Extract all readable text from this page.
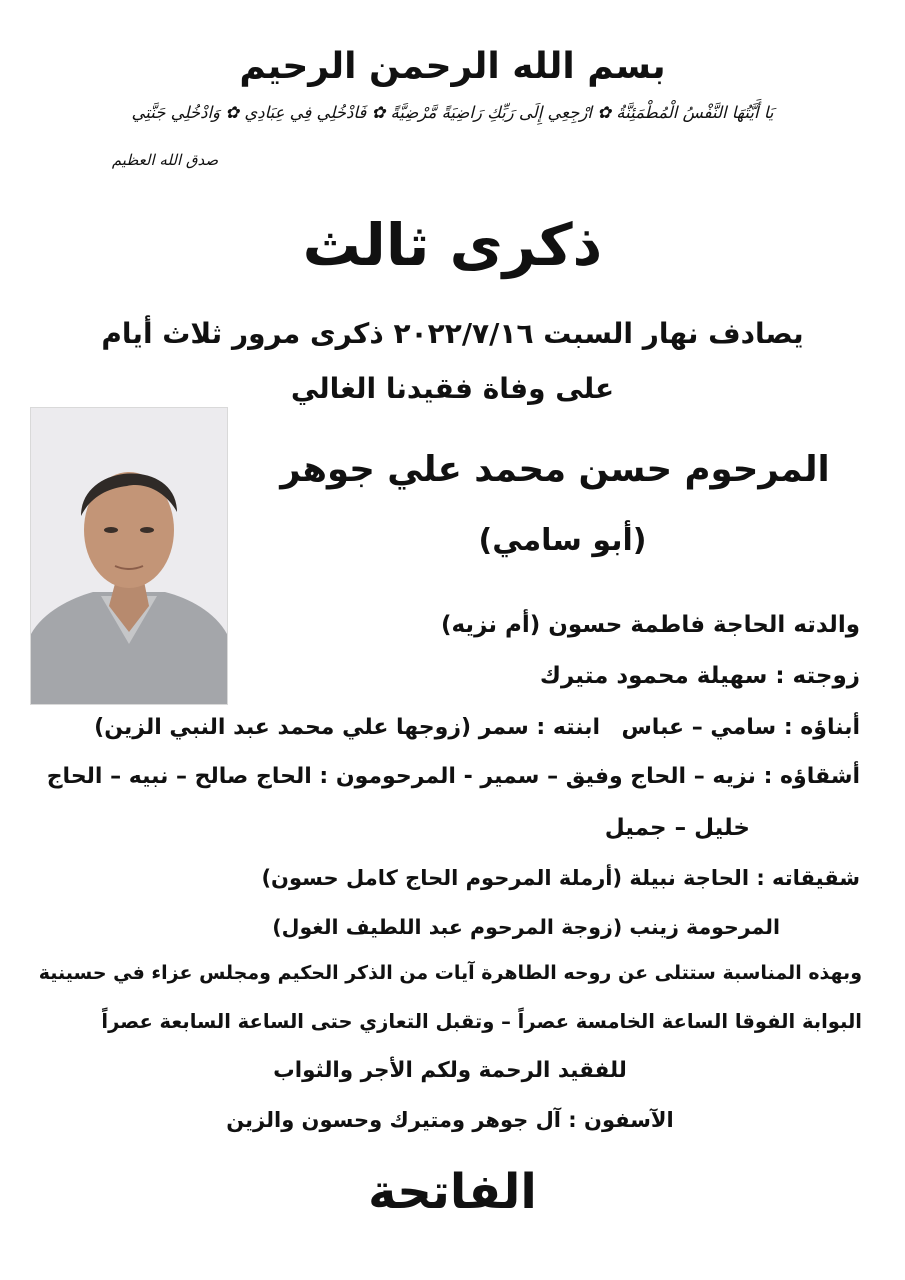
بسم الله الرحمن الرحيم
يَا أَيَّتُهَا النَّفْسُ الْمُطْمَئِنَّةُ ✿ ارْجِعِي إِلَى رَبِّكِ رَاضِيَةً مَّرْضِيَّةً ✿ فَادْخُلِي فِي عِبَادِي ✿ وَادْخُلِي جَنَّتِي
صدق الله العظيم
ذكرى ثالث
يصادف نهار السبت ٢٠٢٢/٧/١٦ ذكرى مرور ثلاث أيام
على وفاة فقيدنا الغالي
المرحوم حسن محمد علي جوهر
(أبو سامي)
والدته الحاجة فاطمة حسون (أم نزيه)
زوجته : سهيلة محمود متيرك
أبناؤه : سامي – عباس
ابنته : سمر (زوجها علي محمد عبد النبي الزين)
أشقاؤه : نزيه – الحاج وفيق – سمير - المرحومون : الحاج صالح – نبيه – الحاج
خليل – جميل
شقيقاته : الحاجة نبيلة (أرملة المرحوم الحاج كامل حسون)
المرحومة زينب (زوجة المرحوم عبد اللطيف الغول)
وبهذه المناسبة ستتلى عن روحه الطاهرة آيات من الذكر الحكيم ومجلس عزاء في حسينية
البوابة الفوقا الساعة الخامسة عصراً – وتقبل التعازي حتى الساعة السابعة عصراً
للفقيد الرحمة ولكم الأجر والثواب
الآسفون : آل جوهر ومتيرك وحسون والزين
الفاتحة
